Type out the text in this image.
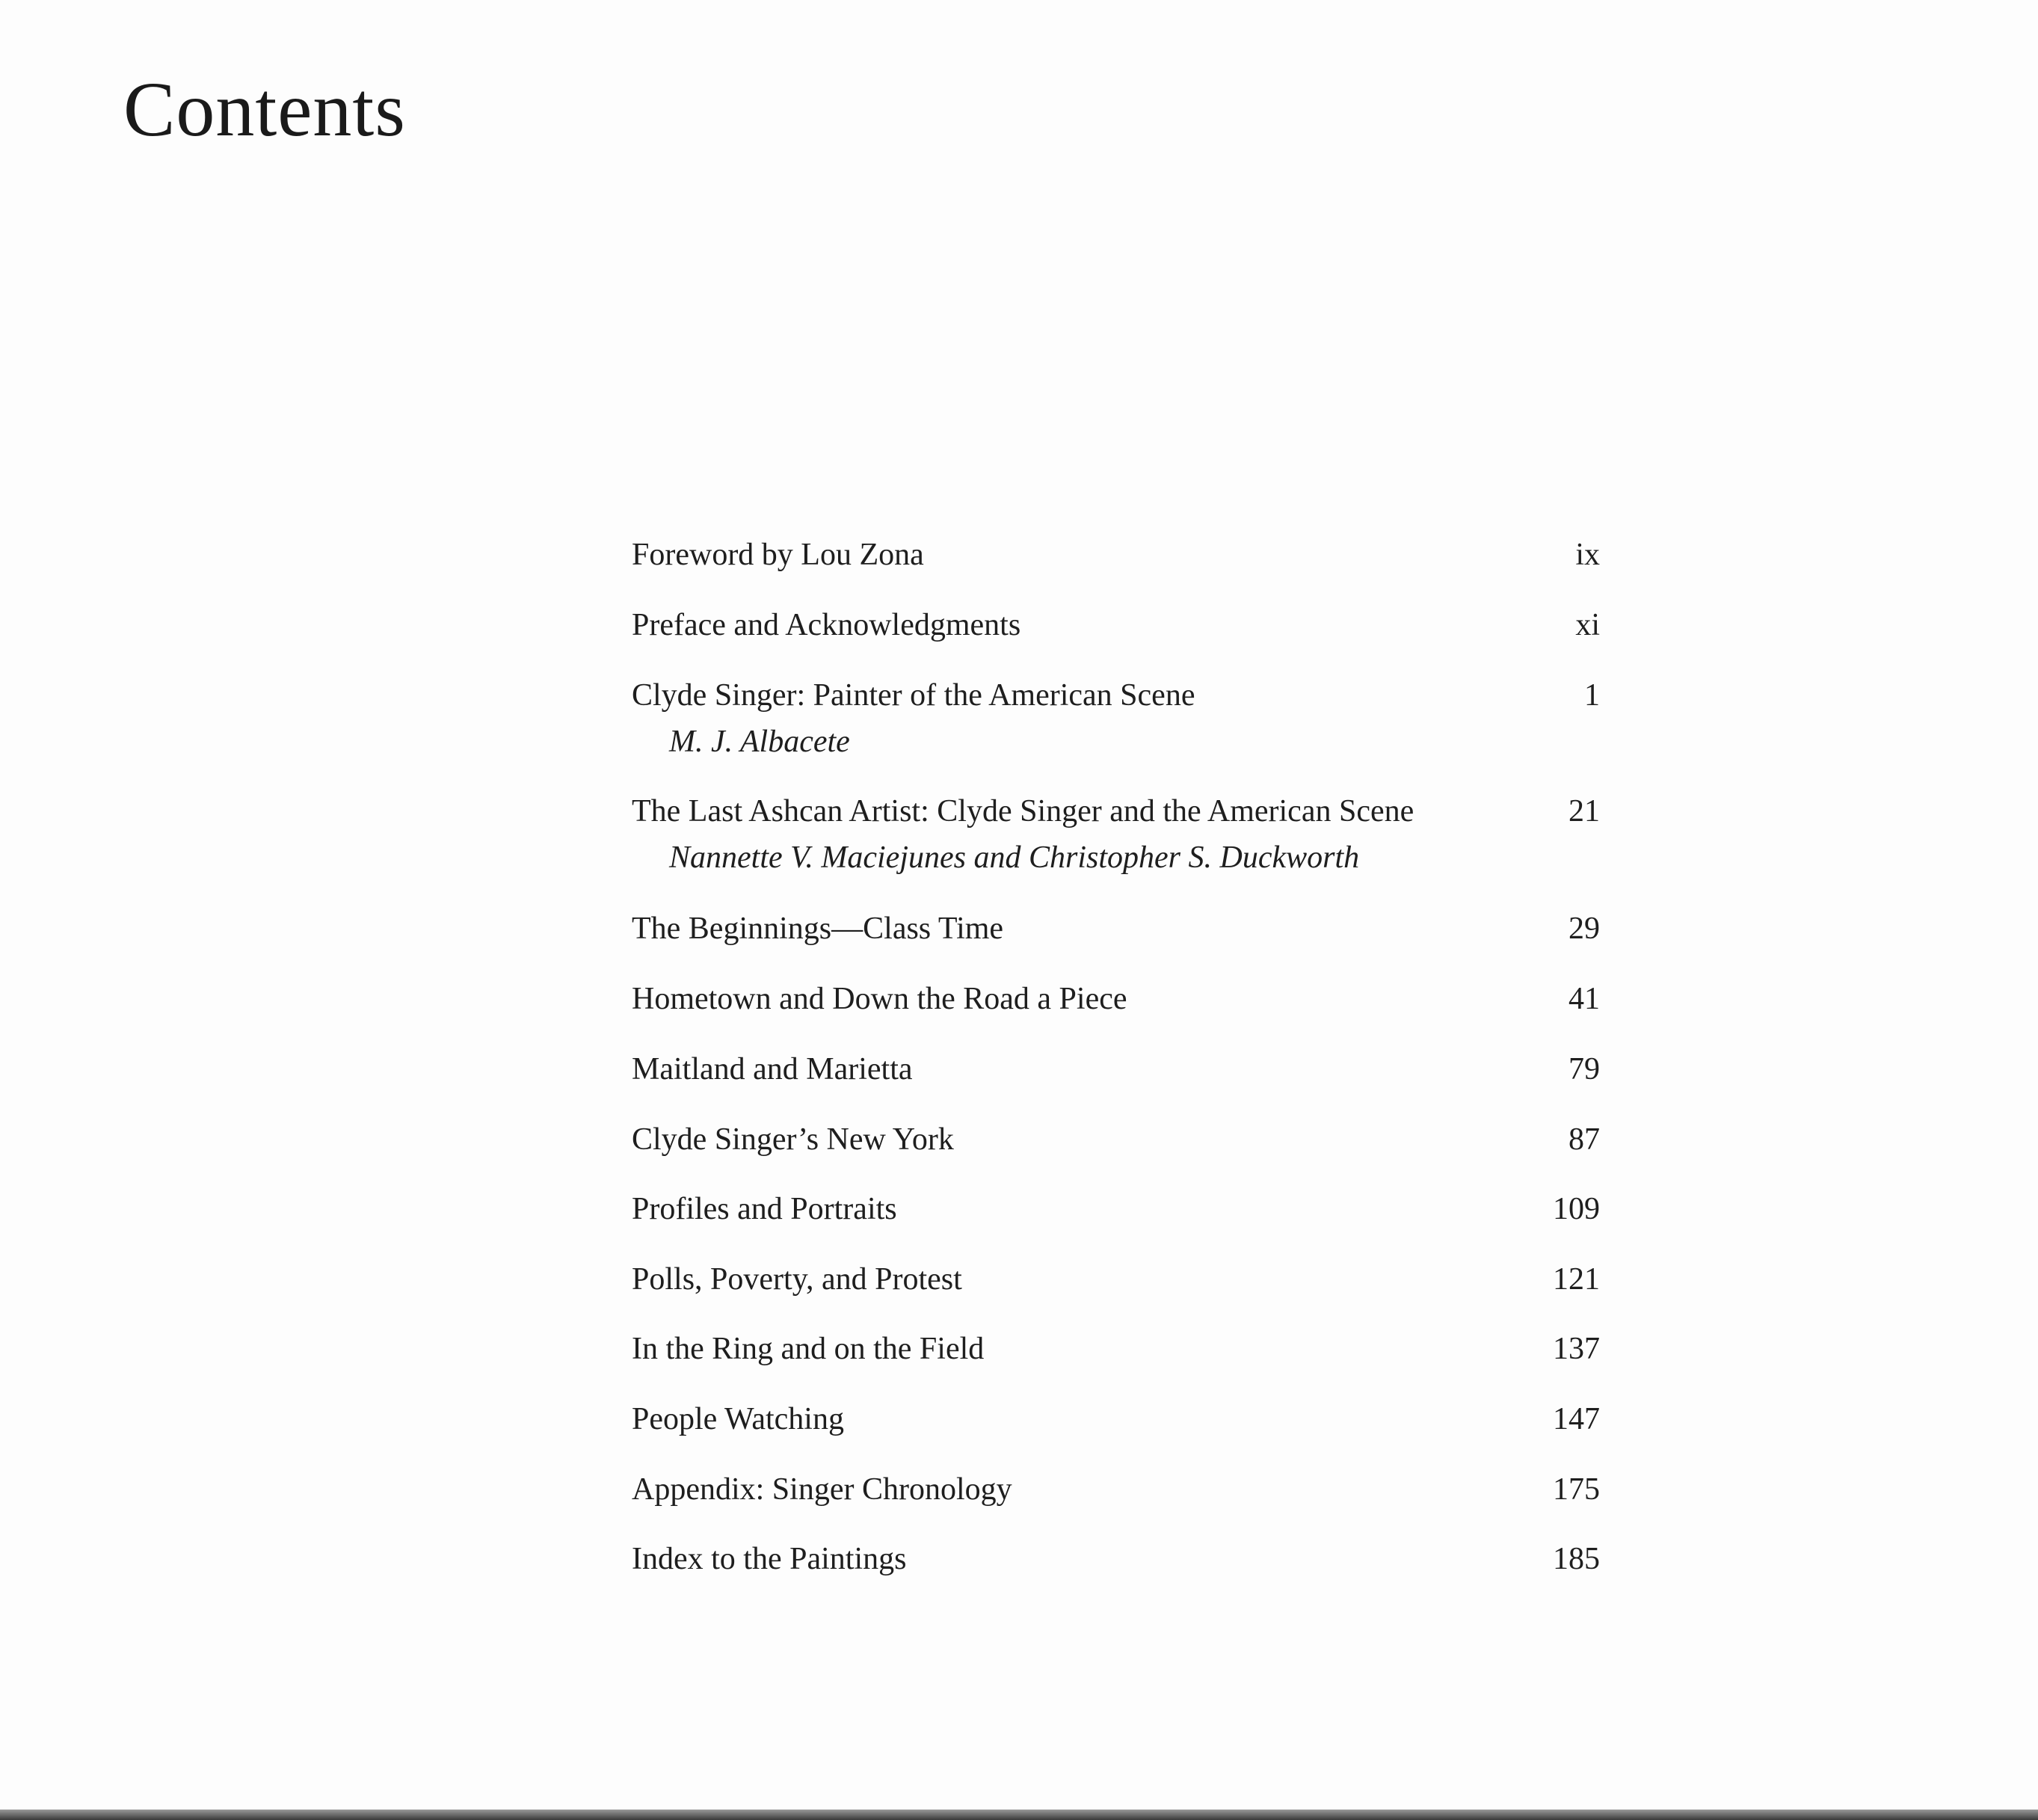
Contents
Foreword by Lou Zona	ix
Preface and Acknowledgments	xi
Clyde Singer: Painter of the American Scene	1
M. J. Albacete
The Last Ashcan Artist: Clyde Singer and the American Scene	21
Nannette V. Maciejunes and Christopher S. Duckworth
The Beginnings—Class Time	29
Hometown and Down the Road a Piece	41
Maitland and Marietta	79
Clyde Singer’s New York	87
Profiles and Portraits	109
Polls, Poverty, and Protest	121
In the Ring and on the Field	137
People Watching	147
Appendix: Singer Chronology	175
Index to the Paintings	185
